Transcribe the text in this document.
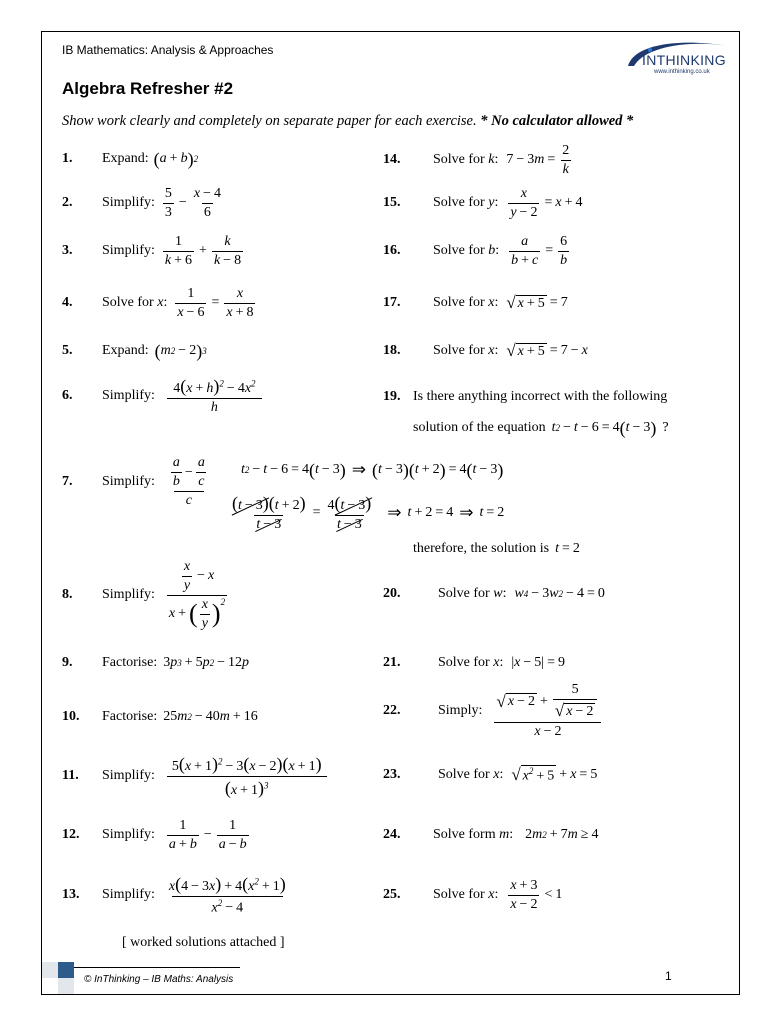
IB Mathematics: Analysis & Approaches
Algebra Refresher #2
Show work clearly and completely on separate paper for each exercise. * No calculator allowed *
INTHINKING
www.inthinking.co.uk
1.	Expand: ( a + b ) 2
2.	Simplify: $\frac{5}{3} - \frac{x - 4}{6}$
3.	Simplify: $\frac{1}{k + 6} + \frac{k}{k - 8}$
4.	Solve for
x : $\frac{1}{x - 6} = \frac{x}{x + 8}$
5.	Expand: ( m 2 − 2 ) 3
6.	Simplify: $\frac{4(x + h)^2 - 4x^2}{h}$
7.	Simplify: $\frac{\frac{a}{b} - \frac{a}{c}}{c}$
8.	Simplify: $\frac{\frac{x}{y} - x}{x + ( \frac{x}{y} ) 2}$
9.	Factorise: 3 p 3 + 5 p 2 − 12 p
10.	Factorise: 25 m 2 − 40 m + 16
11.	Simplify: $\frac{5(x + 1)^2 - 3(x - 2)(x + 1)}{(x + 1)^3}$
12.	Simplify: $\frac{1}{a + b} - \frac{1}{a - b}$
13.	Simplify: $\frac{x(4 - 3x) + 4(x^2 + 1)}{x^2 - 4}$
[ worked solutions attached ]
14.	Solve for
k : 7 − 3 $m = \frac{2}{k}$
15.	Solve for
y : $\frac{x}{y - 2} = x + 4$
16.	Solve for
b : $\frac{a}{b + c} = \frac{6}{b}$
17.	Solve for
x : √ x + 5 = 7
18.	Solve for
x : √ x + 5 = 7 − x
19. Is there anything incorrect with the following
solution of the equation t 2 − t − 6 = 4 ( t − 3 ) ?
t 2 − t − 6 = 4 ( t − 3 ) ⇒ ( t − 3 )( t + 2 ) = 4 ( t − 3 )
$\frac{(t - 3)(t + 2)}{t - 3} = \frac{4(t - 3)}{t - 3}$ ⇒ t + 2 = 4 ⇒ t = 2
therefore, the solution is t = 2
20.	Solve for
w : w 4 − 3 w 2 − 4 = 0
21.	Solve for
x : | x − 5 | = 9
22.	Simply: $\frac{√ x - 2 + \frac{5}{√ x - 2}}{x - 2}$
23.	Solve for
x : √ $x^2 + 5 + x = 5$
24.	Solve form
m : 2 m 2 + 7 m ≥ 4
25.	Solve for
x : $\frac{x + 3}{x - 2} < 1$
© InThinking – IB Maths: Analysis	1
